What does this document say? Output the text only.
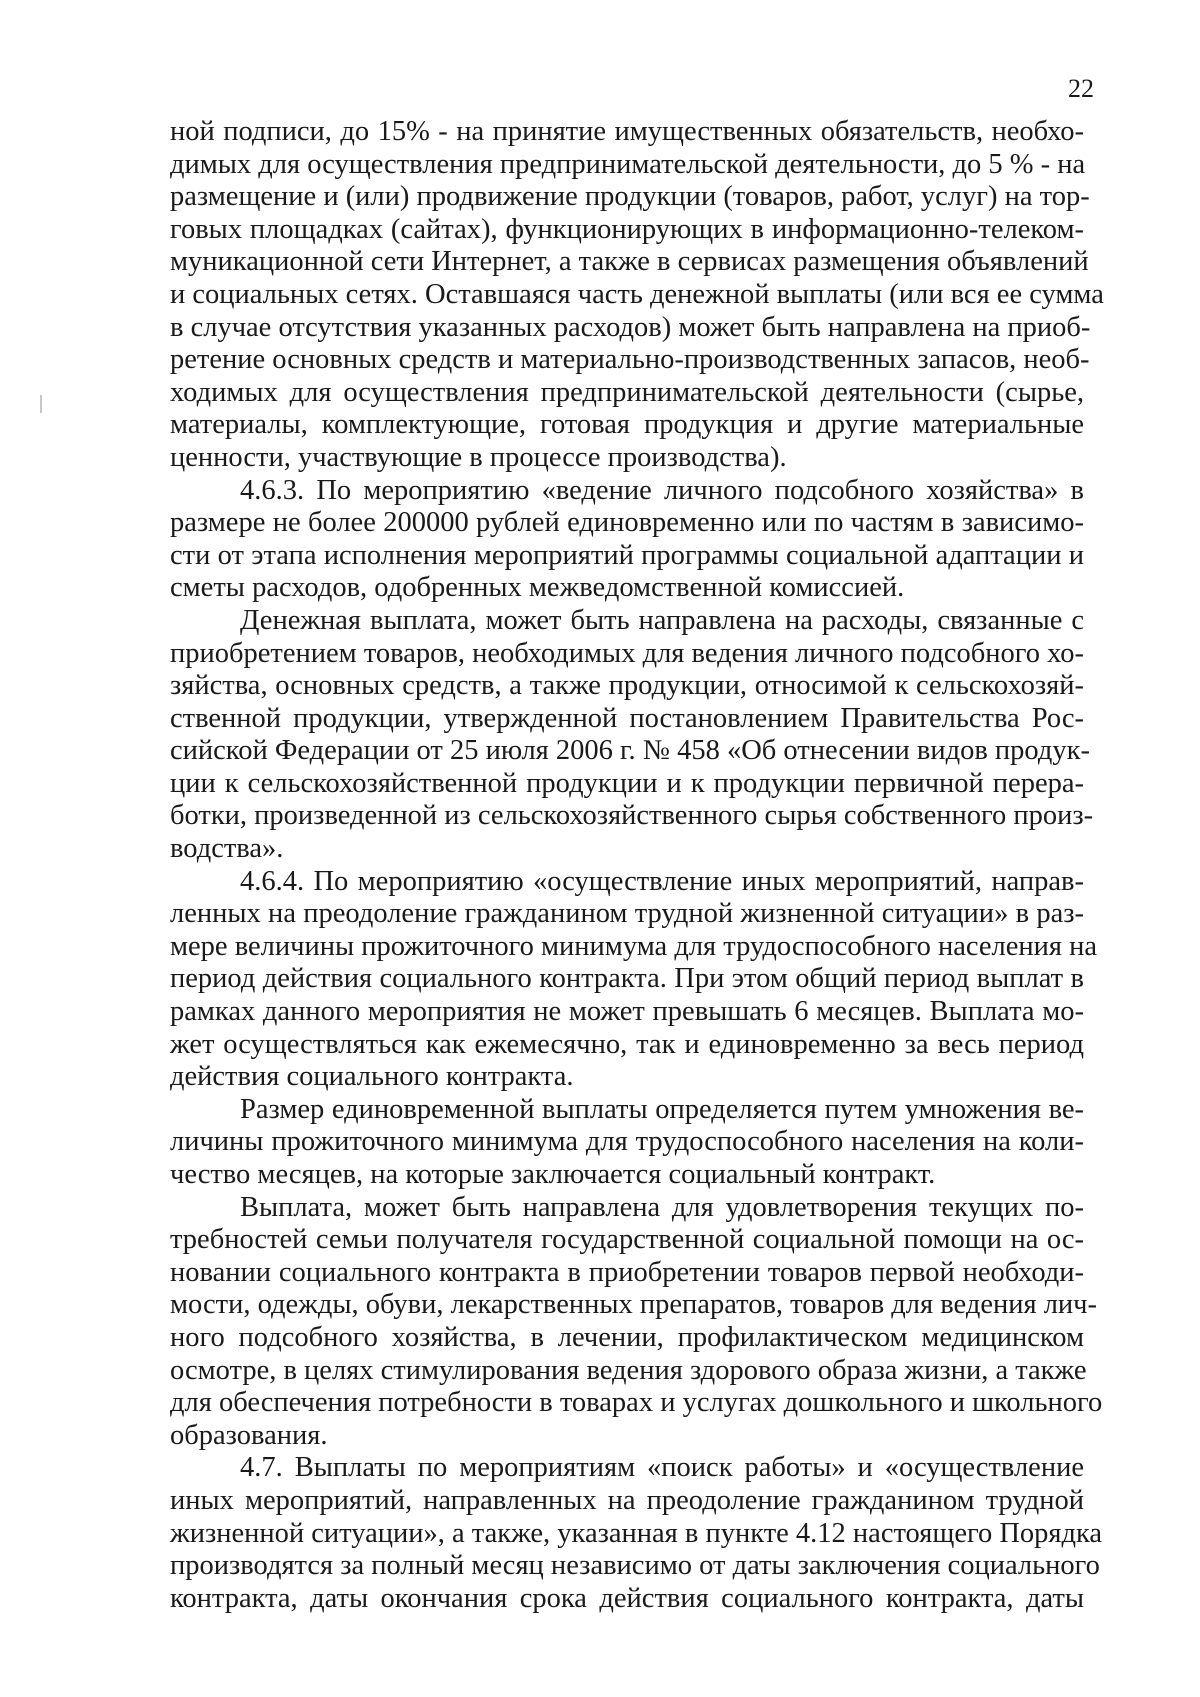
22
ной подписи, до 15% - на принятие имущественных обязательств, необхо-
димых для осуществления предпринимательской деятельности, до 5 % - на
размещение и (или) продвижение продукции (товаров, работ, услуг) на тор-
говых площадках (сайтах), функционирующих в информационно-телеком-
муникационной сети Интернет, а также в сервисах размещения объявлений
и социальных сетях. Оставшаяся часть денежной выплаты (или вся ее сумма
в случае отсутствия указанных расходов) может быть направлена на приоб-
ретение основных средств и материально-производственных запасов, необ-
ходимых для осуществления предпринимательской деятельности (сырье,
материалы, комплектующие, готовая продукция и другие материальные
ценности, участвующие в процессе производства).
4.6.3. По мероприятию «ведение личного подсобного хозяйства» в
размере не более 200000 рублей единовременно или по частям в зависимо-
сти от этапа исполнения мероприятий программы социальной адаптации и
сметы расходов, одобренных межведомственной комиссией.
Денежная выплата, может быть направлена на расходы, связанные с
приобретением товаров, необходимых для ведения личного подсобного хо-
зяйства, основных средств, а также продукции, относимой к сельскохозяй-
ственной продукции, утвержденной постановлением Правительства Рос-
сийской Федерации от 25 июля 2006 г. № 458 «Об отнесении видов продук-
ции к сельскохозяйственной продукции и к продукции первичной перера-
ботки, произведенной из сельскохозяйственного сырья собственного произ-
водства».
4.6.4. По мероприятию «осуществление иных мероприятий, направ-
ленных на преодоление гражданином трудной жизненной ситуации» в раз-
мере величины прожиточного минимума для трудоспособного населения на
период действия социального контракта. При этом общий период выплат в
рамках данного мероприятия не может превышать 6 месяцев. Выплата мо-
жет осуществляться как ежемесячно, так и единовременно за весь период
действия социального контракта.
Размер единовременной выплаты определяется путем умножения ве-
личины прожиточного минимума для трудоспособного населения на коли-
чество месяцев, на которые заключается социальный контракт.
Выплата, может быть направлена для удовлетворения текущих по-
требностей семьи получателя государственной социальной помощи на ос-
новании социального контракта в приобретении товаров первой необходи-
мости, одежды, обуви, лекарственных препаратов, товаров для ведения лич-
ного подсобного хозяйства, в лечении, профилактическом медицинском
осмотре, в целях стимулирования ведения здорового образа жизни, а также
для обеспечения потребности в товарах и услугах дошкольного и школьного
образования.
4.7. Выплаты по мероприятиям «поиск работы» и «осуществление
иных мероприятий, направленных на преодоление гражданином трудной
жизненной ситуации», а также, указанная в пункте 4.12 настоящего Порядка
производятся за полный месяц независимо от даты заключения социального
контракта, даты окончания срока действия социального контракта, даты
